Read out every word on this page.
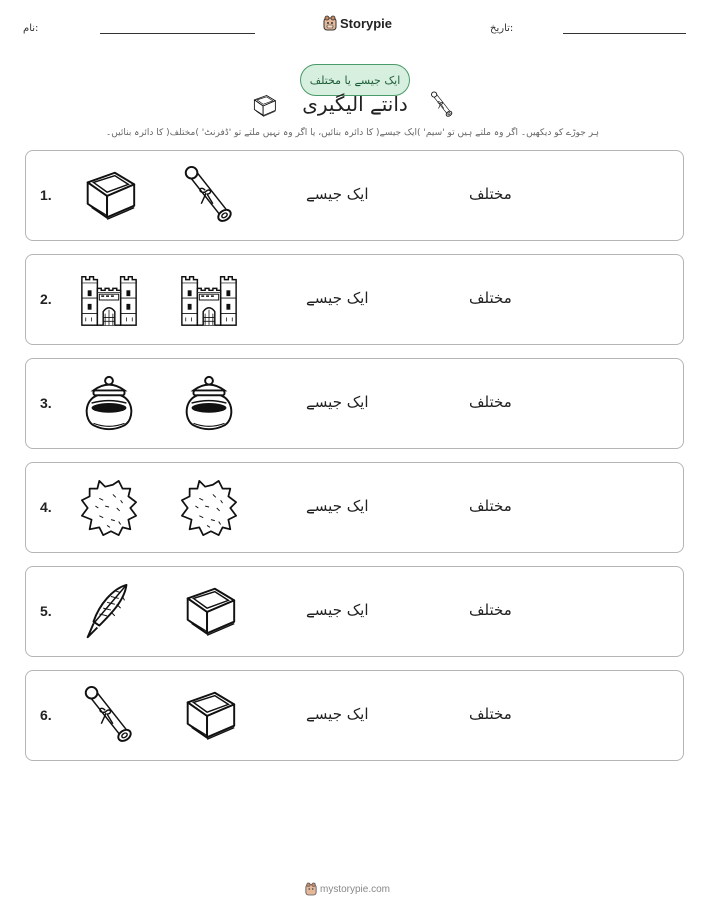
نام:	Storypie	تاریخ:
ایک جیسے یا مختلف
دانتے الیگیری
ہر جوڑے کو دیکھیں۔ اگر وہ ملتے ہیں تو 'سیم' )ایک جیسے( کا دائرہ بنائیں، یا اگر وہ نہیں ملتے تو 'ڈفرنٹ' )مختلف( کا دائرہ بنائیں۔
1.	ایک جیسے	مختلف
2.	ایک جیسے	مختلف
3.	ایک جیسے	مختلف
4.	ایک جیسے	مختلف
5.	ایک جیسے	مختلف
6.	ایک جیسے	مختلف
mystorypie.com
